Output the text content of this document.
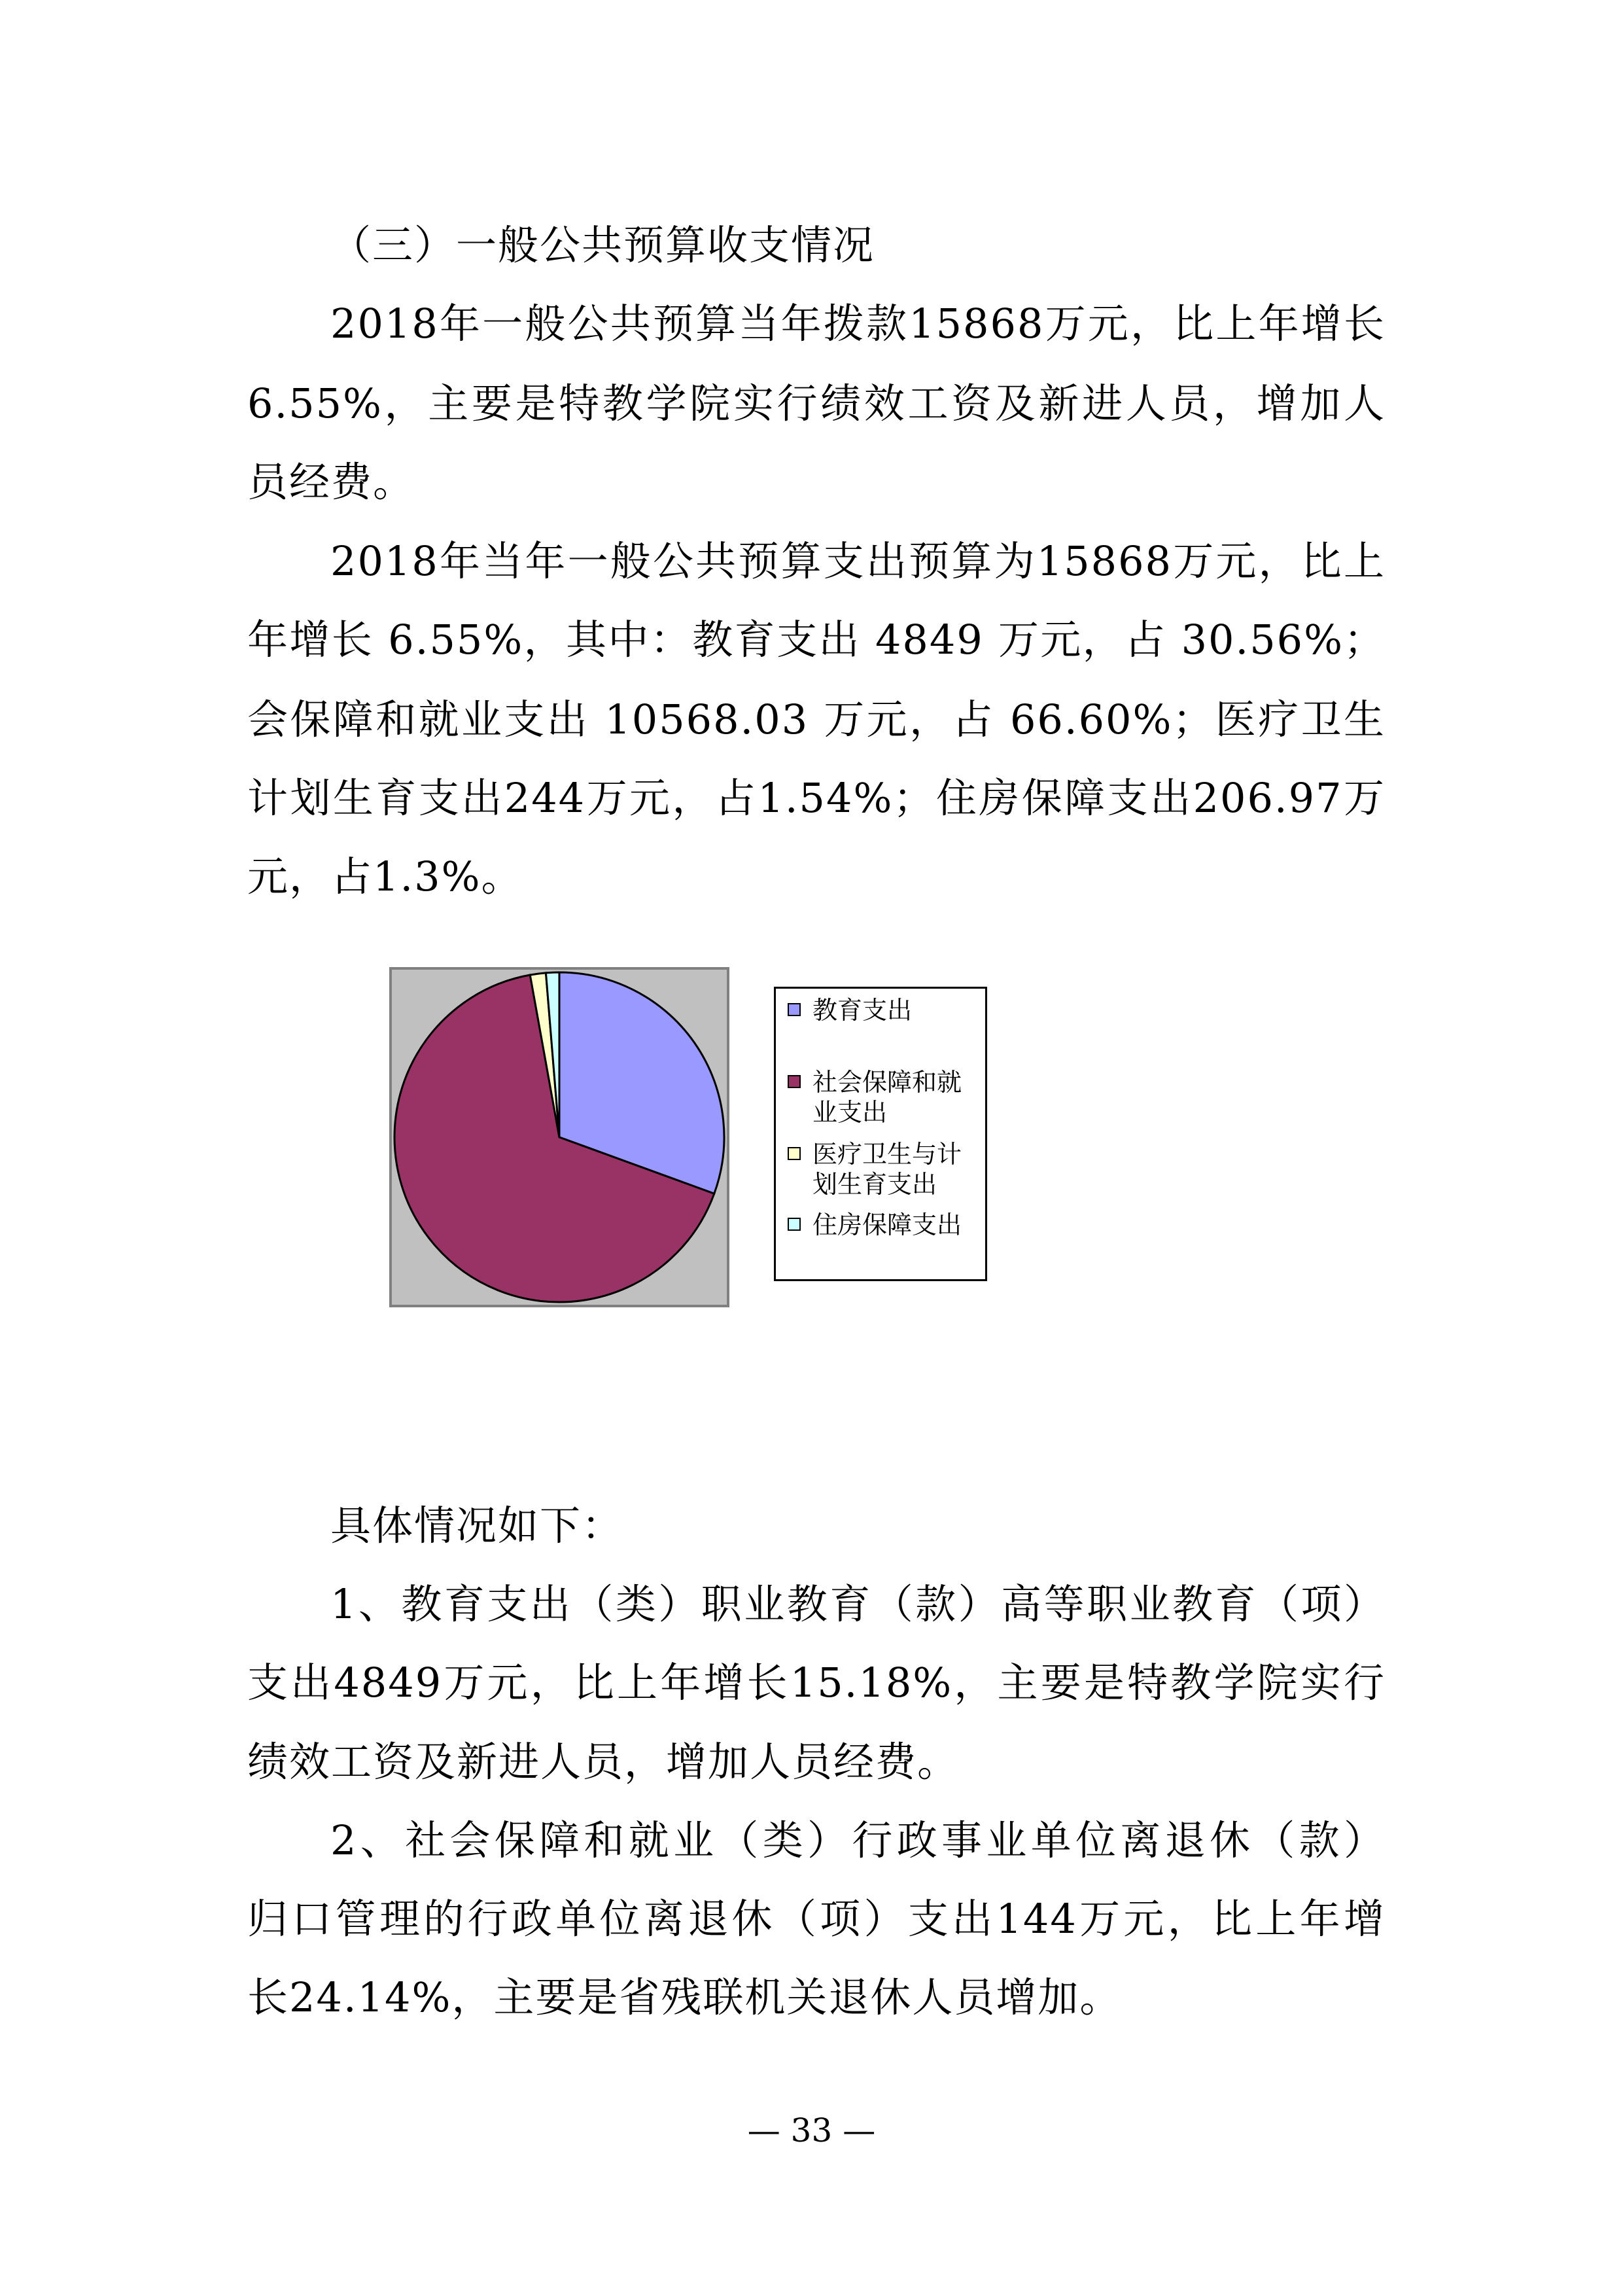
（三）一般公共预算收支情况
2018年一般公共预算当年拨款15868万元，比上年增长
6.55%，主要是特教学院实行绩效工资及新进人员，增加人
员经费。
2018年当年一般公共预算支出预算为15868万元，比上
年增长 6.55%，其中：教育支出 4849 万元，占 30.56%；
会保障和就业支出 10568.03 万元，占 66.60%；医疗卫生
计划生育支出244万元，占1.54%；住房保障支出206.97万
元，占1.3%。
教育支出
社会保障和就
业支出
医疗卫生与计
划生育支出
住房保障支出
具体情况如下：
1、教育支出（类）职业教育（款）高等职业教育（项）
支出4849万元，比上年增长15.18%，主要是特教学院实行
绩效工资及新进人员，增加人员经费。
2、社会保障和就业（类）行政事业单位离退休（款）
归口管理的行政单位离退休（项）支出144万元，比上年增
长24.14%，主要是省残联机关退休人员增加。
— 33 —
